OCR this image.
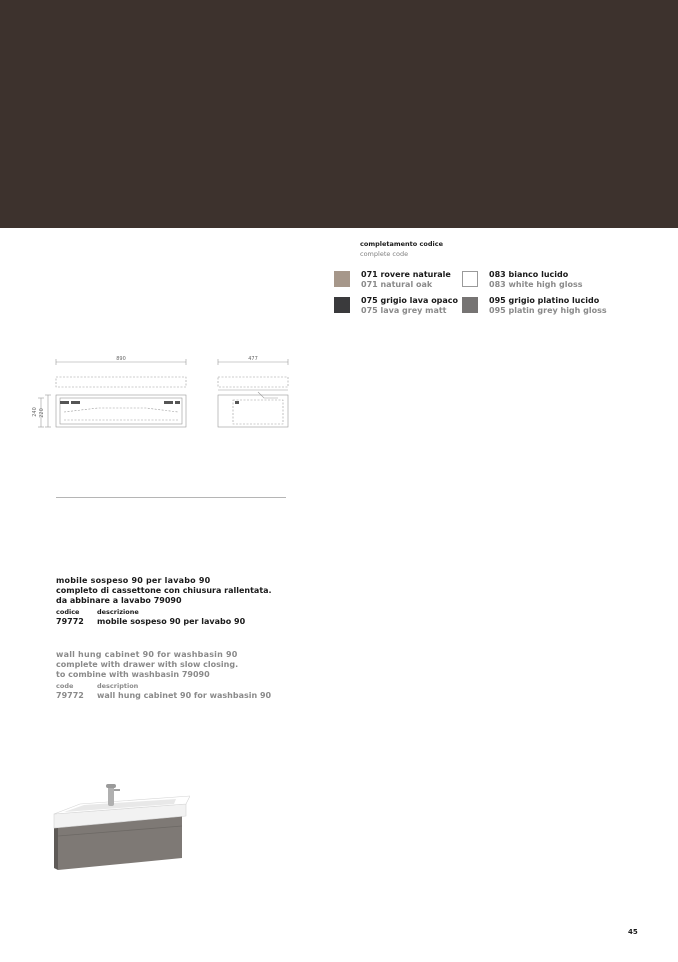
completamento codice
complete code
071 rovere naturale
071 natural oak
083 bianco lucido
083 white high gloss
075 grigio lava opaco
075 lava grey matt
095 grigio platino lucido
095 platin grey high gloss
890	477
240 220
mobile sospeso 90 per lavabo 90
completo di cassettone con chiusura rallentata.
da abbinare a lavabo 79090
codice	descrizione
79772	mobile sospeso 90 per lavabo 90
wall hung cabinet 90 for washbasin 90
complete with drawer with slow closing.
to combine with washbasin 79090
code	description
79772	wall hung cabinet 90 for washbasin 90
45
